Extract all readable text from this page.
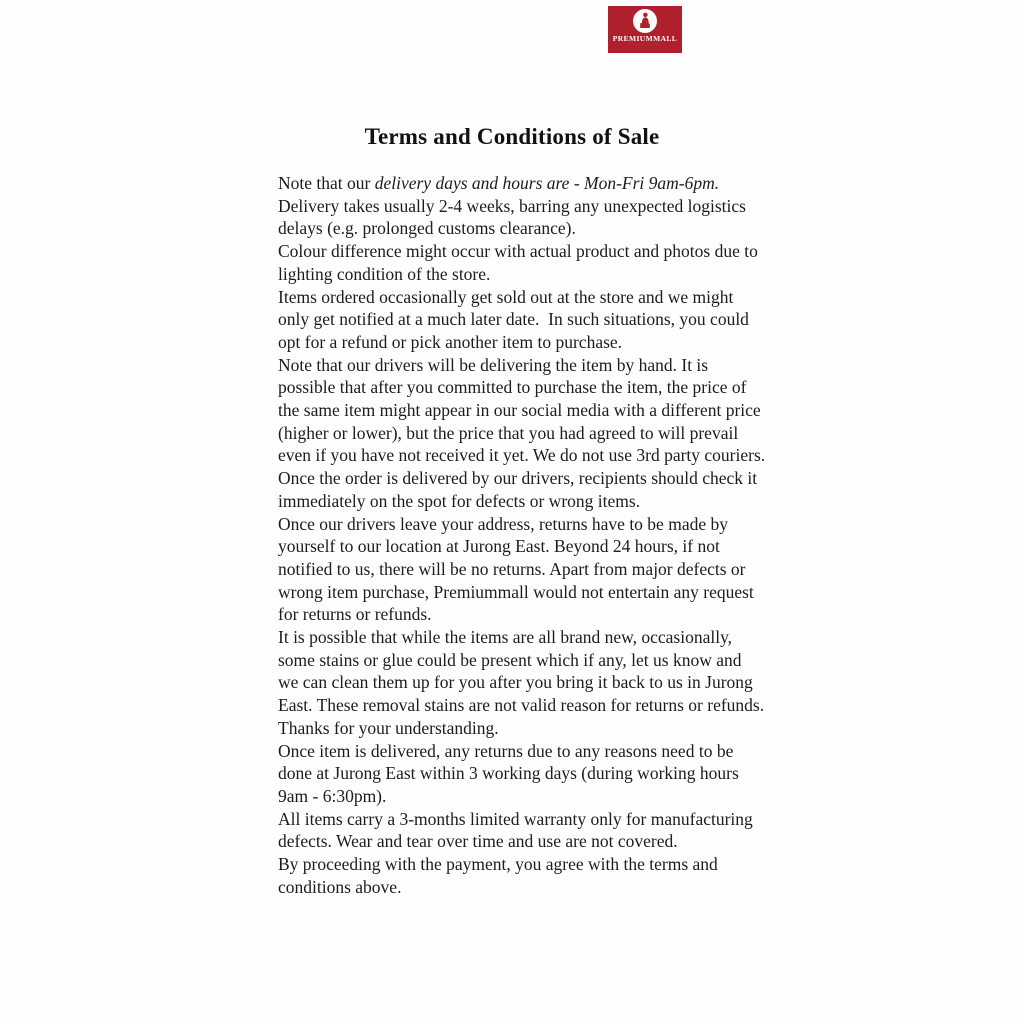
PREMIUMMALL
· ··· ···· · ·· ····
Terms and Conditions of Sale

Note that our delivery days and hours are - Mon-Fri 9am-6pm.

Delivery takes usually 2-4 weeks, barring any unexpected logistics delays (e.g. prolonged customs clearance).

Colour difference might occur with actual product and photos due to lighting condition of the store.

Items ordered occasionally get sold out at the store and we might only get notified at a much later date.  In such situations, you could opt for a refund or pick another item to purchase.

Note that our drivers will be delivering the item by hand. It is possible that after you committed to purchase the item, the price of the same item might appear in our social media with a different price (higher or lower), but the price that you had agreed to will prevail even if you have not received it yet. We do not use 3rd party couriers.

Once the order is delivered by our drivers, recipients should check it immediately on the spot for defects or wrong items.

Once our drivers leave your address, returns have to be made by yourself to our location at Jurong East. Beyond 24 hours, if not notified to us, there will be no returns. Apart from major defects or wrong item purchase, Premiummall would not entertain any request for returns or refunds.

It is possible that while the items are all brand new, occasionally, some stains or glue could be present which if any, let us know and we can clean them up for you after you bring it back to us in Jurong East. These removal stains are not valid reason for returns or refunds. Thanks for your understanding.

Once item is delivered, any returns due to any reasons need to be done at Jurong East within 3 working days (during working hours 9am - 6:30pm).

All items carry a 3-months limited warranty only for manufacturing defects. Wear and tear over time and use are not covered.

By proceeding with the payment, you agree with the terms and conditions above.
